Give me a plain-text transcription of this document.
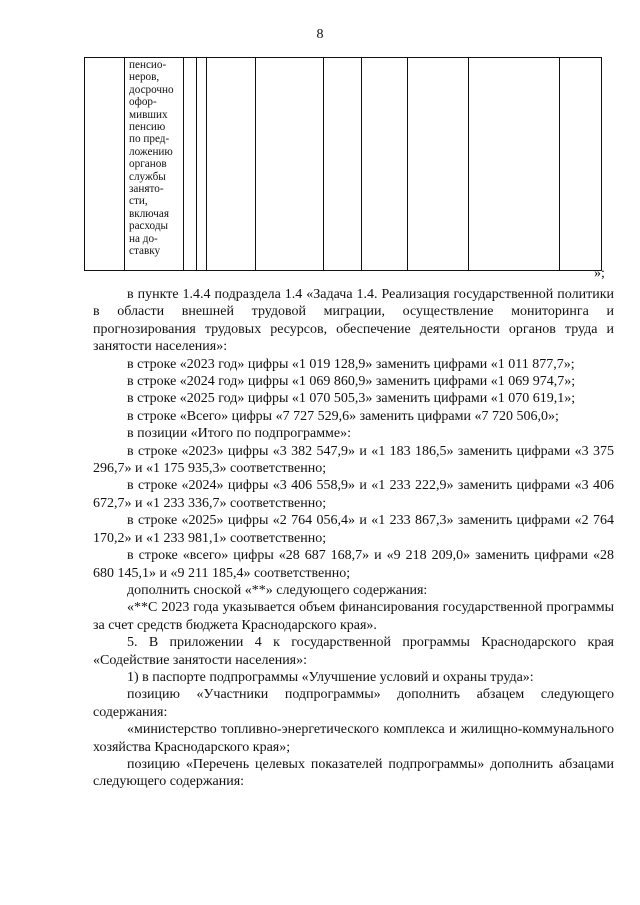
8
пенсио-
неров,
досрочно
офор-
мивших
пенсию
по пред-
ложению
органов
службы
занято-
сти,
включая
расходы
на до-
ставку
»;

в пункте 1.4.4 подраздела 1.4 «Задача 1.4. Реализация государственной политики в области внешней трудовой миграции, осуществление мониторинга и прогнозирования трудовых ресурсов, обеспечение деятельности органов труда и занятости населения»:

в строке «2023 год» цифры «1 019 128,9» заменить цифрами «1 011 877,7»;

в строке «2024 год» цифры «1 069 860,9» заменить цифрами «1 069 974,7»;

в строке «2025 год» цифры «1 070 505,3» заменить цифрами «1 070 619,1»;

в строке «Всего» цифры «7 727 529,6» заменить цифрами «7 720 506,0»;

в позиции «Итого по подпрограмме»:

в строке «2023» цифры «3 382 547,9» и «1 183 186,5» заменить цифрами «3 375 296,7» и «1 175 935,3» соответственно;

в строке «2024» цифры «3 406 558,9» и «1 233 222,9» заменить цифрами «3 406 672,7» и «1 233 336,7» соответственно;

в строке «2025» цифры «2 764 056,4» и «1 233 867,3» заменить цифрами «2 764 170,2» и «1 233 981,1» соответственно;

в строке «всего» цифры «28 687 168,7» и «9 218 209,0» заменить цифрами «28 680 145,1» и «9 211 185,4» соответственно;

дополнить сноской «**» следующего содержания:

«**С 2023 года указывается объем финансирования государственной программы за счет средств бюджета Краснодарского края».

5. В приложении 4 к государственной программы Краснодарского края «Содействие занятости населения»:

1) в паспорте подпрограммы «Улучшение условий и охраны труда»:

позицию «Участники подпрограммы» дополнить абзацем следующего содержания:

«министерство топливно-энергетического комплекса и жилищно-коммунального хозяйства Краснодарского края»;

позицию «Перечень целевых показателей подпрограммы» дополнить абзацами следующего содержания:
